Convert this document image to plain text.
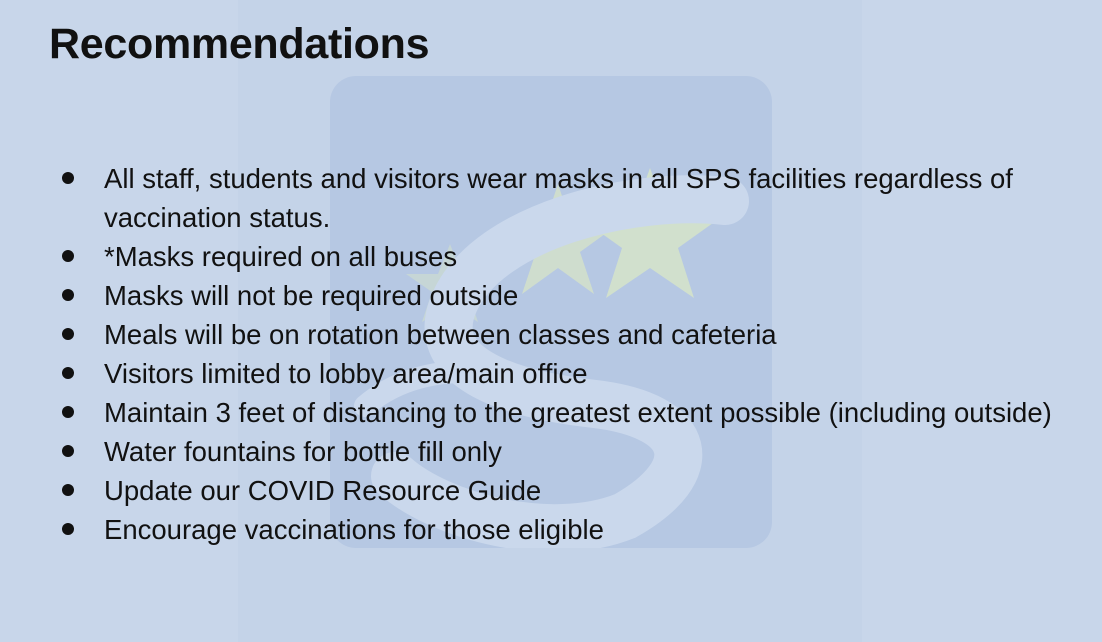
Recommendations
All staff, students and visitors wear masks in all SPS facilities regardless of vaccination status.
*Masks required on all buses
Masks will not be required outside
Meals will be on rotation between classes and cafeteria
Visitors limited to lobby area/main office
Maintain 3 feet of distancing to the greatest extent possible (including outside)
Water fountains for bottle fill only
Update our COVID Resource Guide
Encourage vaccinations for those eligible
